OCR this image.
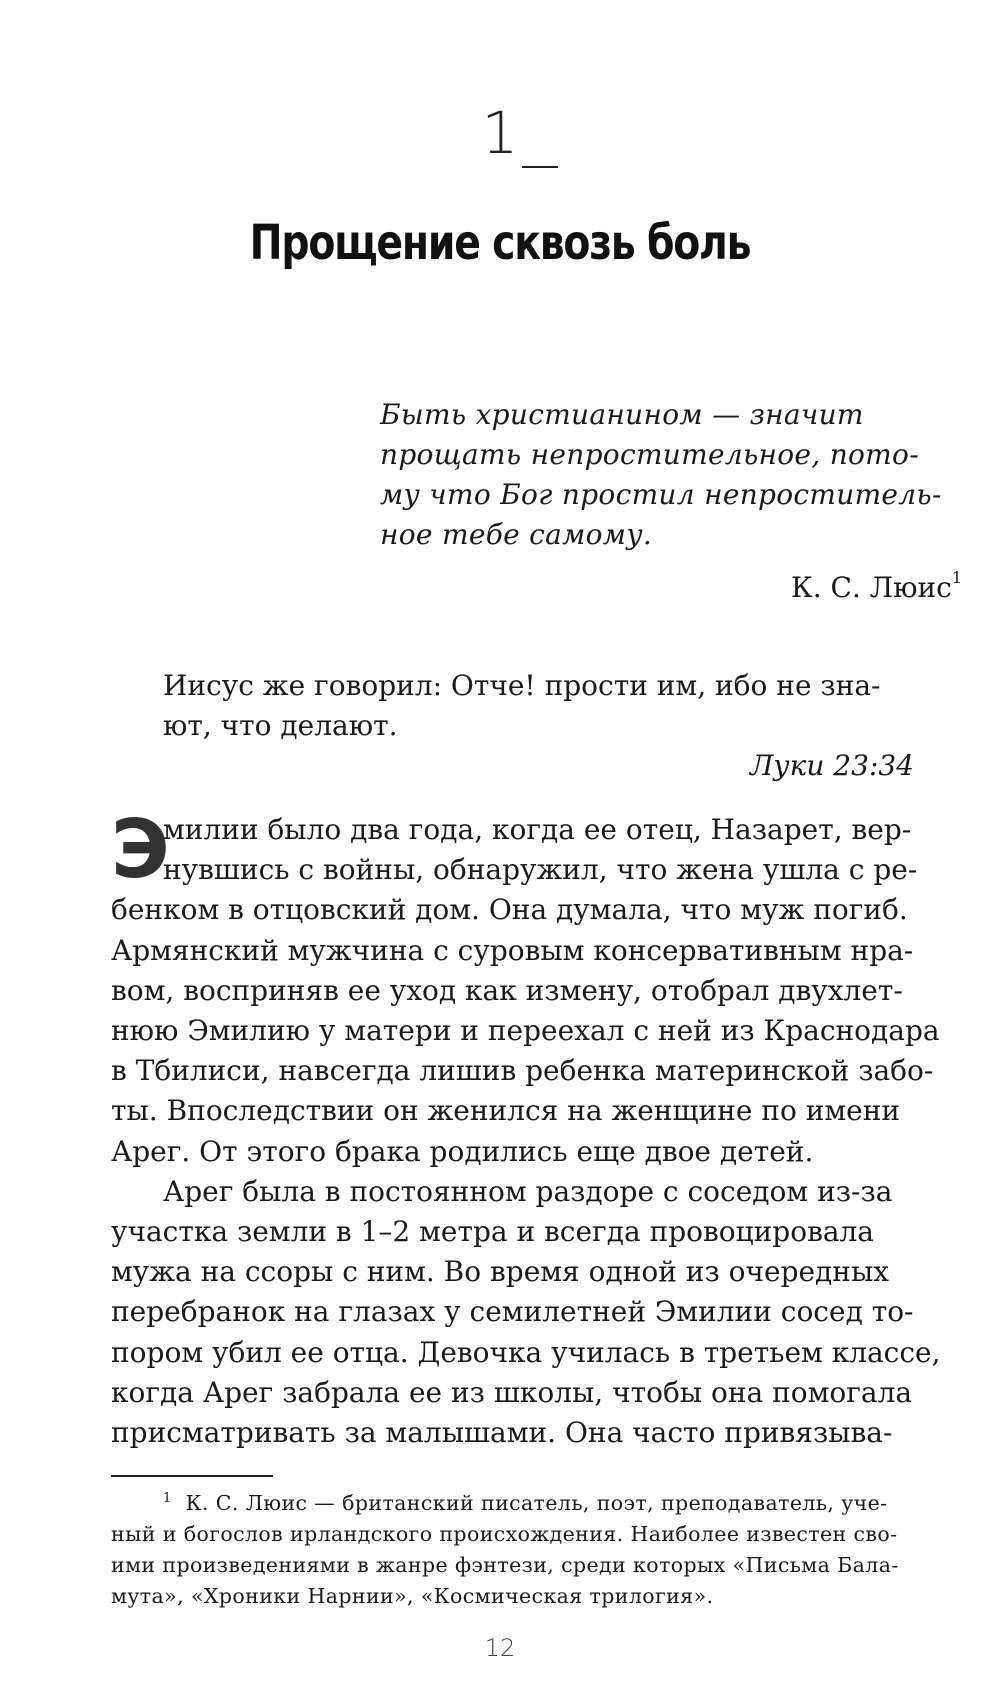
1
Прощение сквозь боль
Быть христианином — значит
прощать непростительное, пото-
му что Бог простил непроститель-
ное тебе самому.
К. С. Люис$^1$
Иисус же говорил: Отче! прости им, ибо не зна-
ют, что делают.
Луки 23:34
Э
милии было два года, когда ее отец, Назарет, вер-
нувшись с войны, обнаружил, что жена ушла с ре-
бенком в отцовский дом. Она думала, что муж погиб.
Армянский мужчина с суровым консервативным нра-
вом, восприняв ее уход как измену, отобрал двухлет-
нюю Эмилию у матери и переехал с ней из Краснодара
в Тбилиси, навсегда лишив ребенка материнской забо-
ты. Впоследствии он женился на женщине по имени
Арег. От этого брака родились еще двое детей.
Арег была в постоянном раздоре с соседом из-за
участка земли в 1–2 метра и всегда провоцировала
мужа на ссоры с ним. Во время одной из очередных
перебранок на глазах у семилетней Эмилии сосед то-
пором убил ее отца. Девочка училась в третьем классе,
когда Арег забрала ее из школы, чтобы она помогала
присматривать за малышами. Она часто привязыва-
$^1$ К. С. Люис — британский писатель, поэт, преподаватель, уче-
ный и богослов ирландского происхождения. Наиболее известен сво-
ими произведениями в жанре фэнтези, среди которых «Письма Бала-
мута», «Хроники Нарнии», «Космическая трилогия».
12
